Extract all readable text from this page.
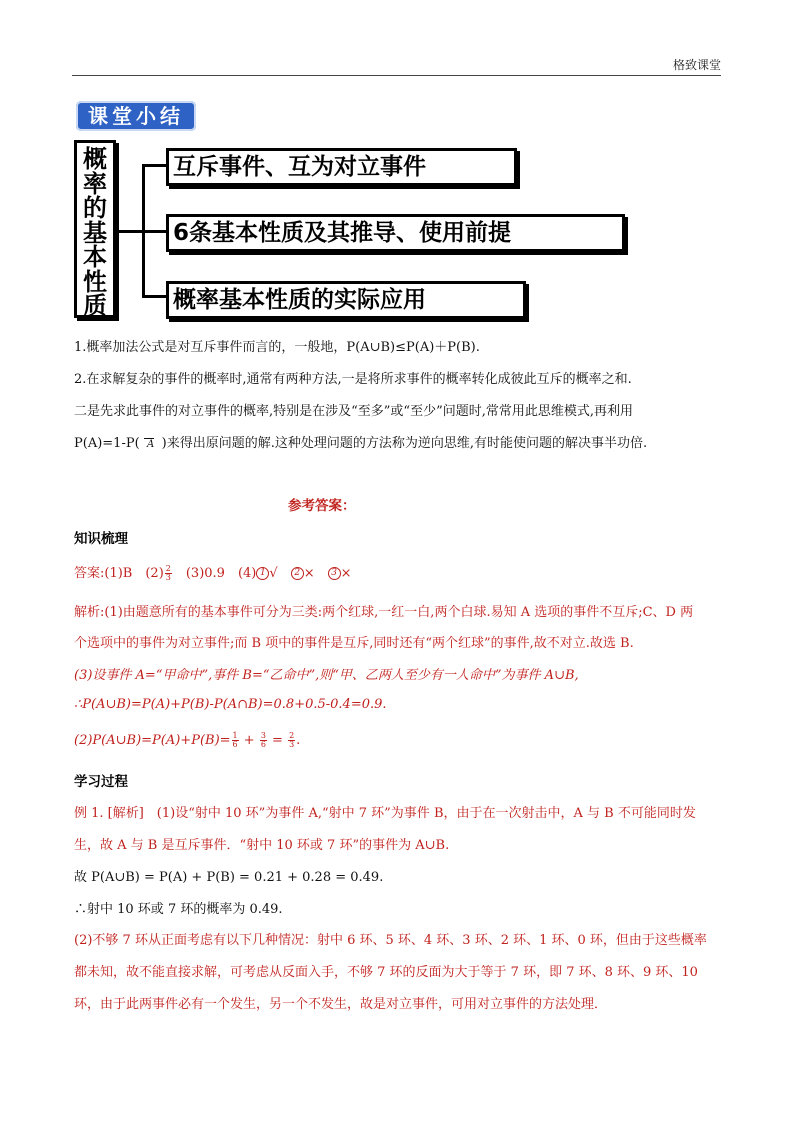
格致课堂
课堂小结
概
率
的
基
本
性
质
互斥事件、互为对立事件
6条基本性质及其推导、使用前提
概率基本性质的实际应用
1.概率加法公式是对互斥事件而言的，一般地，P(A∪B)≤P(A)＋P(B).
2.在求解复杂的事件的概率时,通常有两种方法,一是将所求事件的概率转化成彼此互斥的概率之和.
二是先求此事件的对立事件的概率,特别是在涉及“至多”或“至少”问题时,常常用此思维模式,再利用
P(A)=1-P( A )来得出原问题的解.这种处理问题的方法称为逆向思维,有时能使问题的解决事半功倍.
参考答案：
知识梳理
答案:(1)B　$(2) \frac{2}{3}$ 　(3)0.9　(4) 1 √　 2 ×　 3 ×
解析:(1)由题意所有的基本事件可分为三类:两个红球,一红一白,两个白球.易知 A 选项的事件不互斥;C、D 两
个选项中的事件为对立事件;而 B 项中的事件是互斥,同时还有“两个红球”的事件,故不对立.故选 B.
(3)设事件 A=“甲命中”,事件 B=“乙命中”,则“甲、乙两人至少有一人命中”为事件 A∪B,
∴P(A∪B)=P(A)+P(B)-P(A∩B)=0.8+0.5-0.4=0.9.
(2)P(A∪B)=P(A)+P(B)= $\frac{1}{6} + \frac{3}{6} = \frac{2}{3}$ .
学习过程
例 1. [解析]　(1)设“射中 10 环”为事件 A,“射中 7 环”为事件 B，由于在一次射击中，A 与 B 不可能同时发
生，故 A 与 B 是互斥事件．“射中 10 环或 7 环”的事件为 A∪B.
故 P(A∪B) = P(A) + P(B) = 0.21 + 0.28 = 0.49.
∴射中 10 环或 7 环的概率为 0.49.
(2)不够 7 环从正面考虑有以下几种情况：射中 6 环、5 环、4 环、3 环、2 环、1 环、0 环，但由于这些概率
都未知，故不能直接求解，可考虑从反面入手，不够 7 环的反面为大于等于 7 环，即 7 环、8 环、9 环、10
环，由于此两事件必有一个发生，另一个不发生，故是对立事件，可用对立事件的方法处理．
